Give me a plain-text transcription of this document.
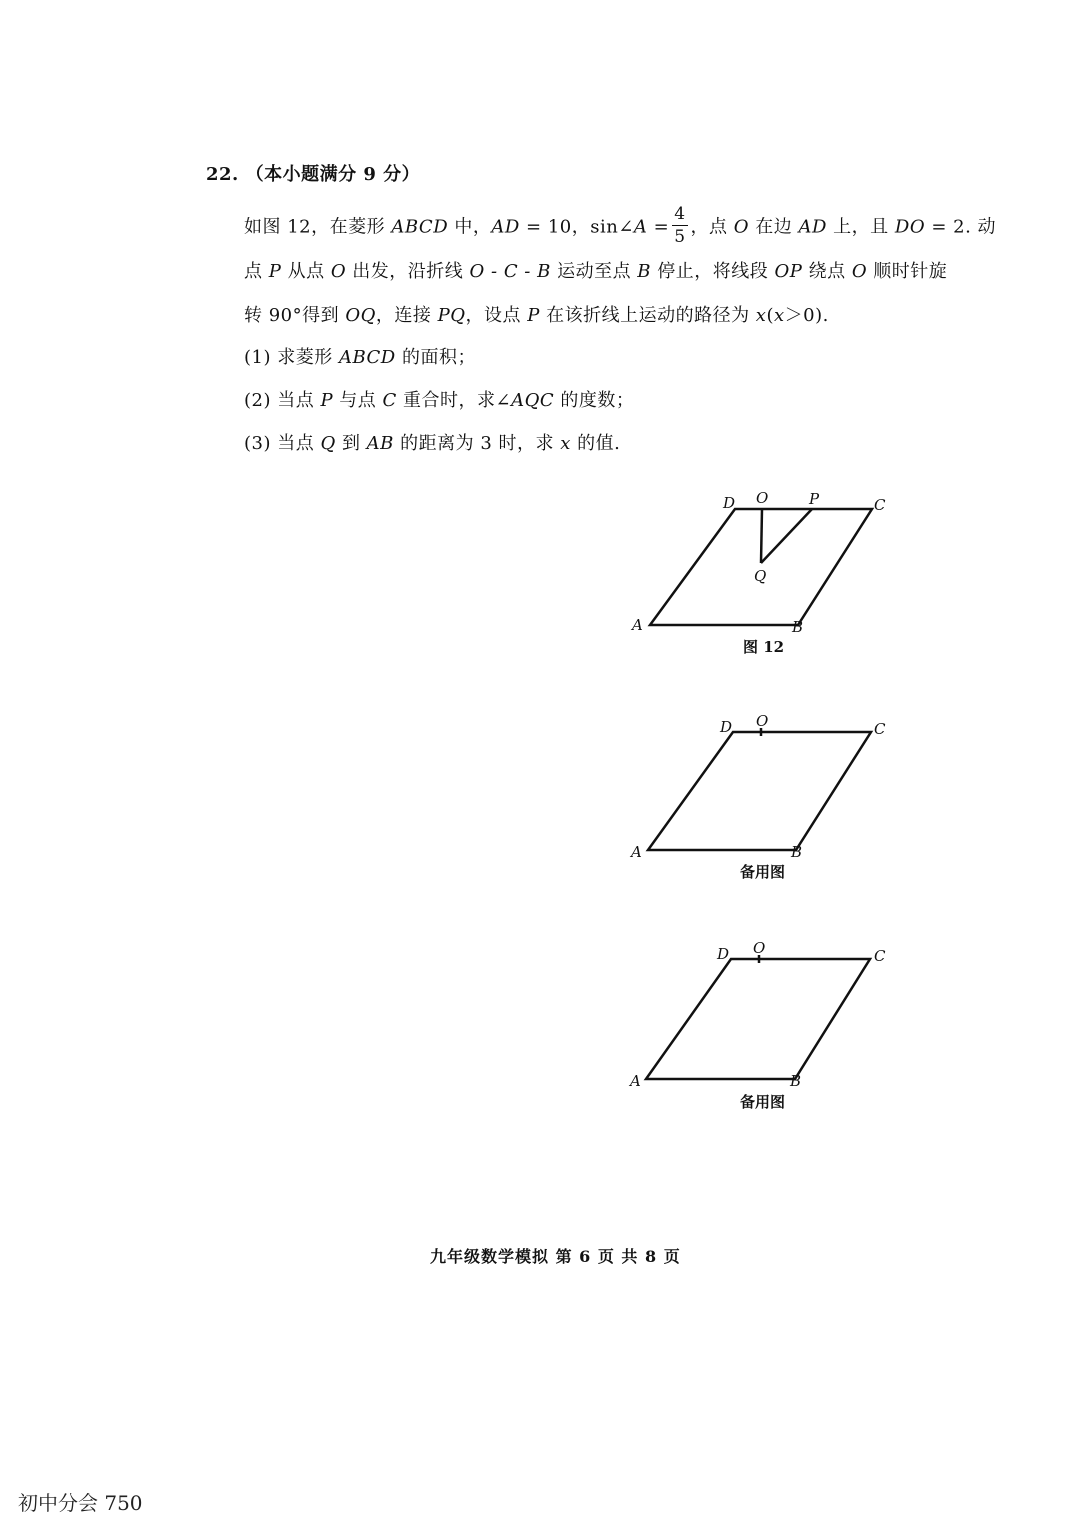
22. （本小题满分 9 分）
如图 12，在菱形 ABCD 中，AD = 10，sin∠A = $\frac{4}{5}$ ，点 O 在边 AD 上，且 DO = 2. 动
点 P 从点 O 出发，沿折线 O - C - B 运动至点 B 停止，将线段 OP 绕点 O 顺时针旋
转 90°得到 OQ，连接 PQ，设点 P 在该折线上运动的路径为 x(x＞0).
(1) 求菱形 ABCD 的面积；
(2) 当点 P 与点 C 重合时，求∠AQC 的度数；
(3) 当点 Q 到 AB 的距离为 3 时，求 x 的值.
A	B
C
D O	P
Q
图 12
A	B
C
D O
备用图
A	B
C
D O
备用图
九年级数学模拟 第 6 页 共 8 页
初中分会 750
